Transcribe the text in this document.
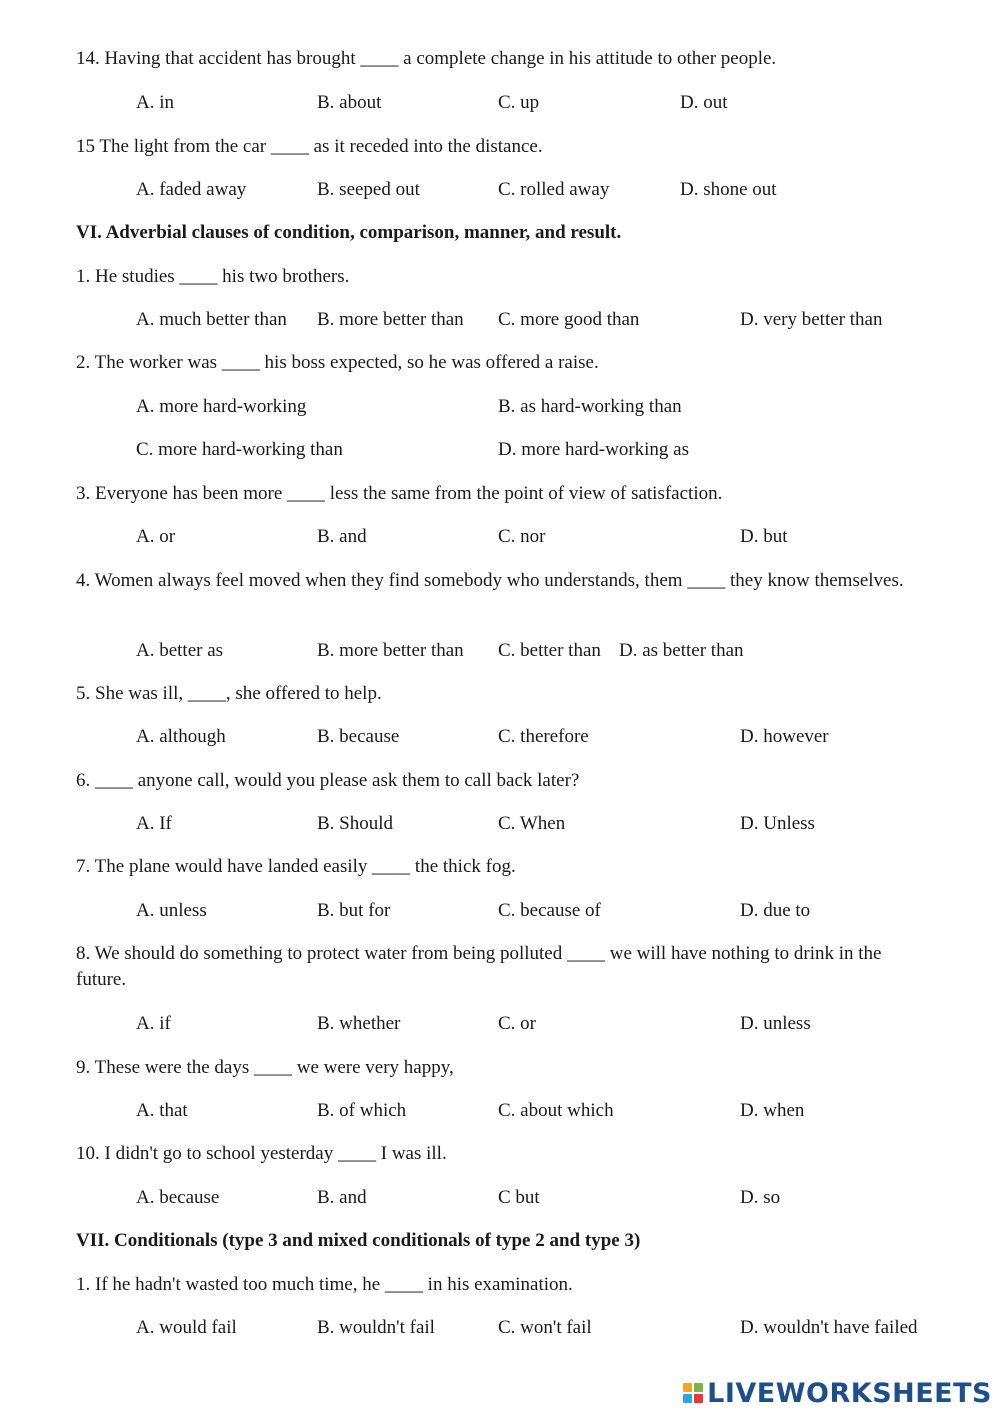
14. Having that accident has brought ____ a complete change in his attitude to other people.
A. in	B. about	C. up	D. out
15 The light from the car ____ as it receded into the distance.
A. faded away	B. seeped out	C. rolled away	D. shone out
VI. Adverbial clauses of condition, comparison, manner, and result.
1. He studies ____ his two brothers.
A. much better than B. more better than C. more good than	D. very better than
2. The worker was ____ his boss expected, so he was offered a raise.
A. more hard-working	B. as hard-working than
C. more hard-working than	D. more hard-working as
3. Everyone has been more ____ less the same from the point of view of satisfaction.
A. or	B. and	C. nor	D. but
4. Women always feel moved when they find somebody who understands, them ____ they know themselves.
A. better as	B. more better than C. better than D. as better than
5. She was ill, ____, she offered to help.
A. although	B. because	C. therefore	D. however
6. ____ anyone call, would you please ask them to call back later?
A. If	B. Should	C. When	D. Unless
7. The plane would have landed easily ____ the thick fog.
A. unless	B. but for	C. because of	D. due to
8. We should do something to protect water from being polluted ____ we will have nothing to drink in the future.
A. if	B. whether	C. or	D. unless
9. These were the days ____ we were very happy,
A. that	B. of which	C. about which	D. when
10. I didn't go to school yesterday ____ I was ill.
A. because	B. and	C but	D. so
VII. Conditionals (type 3 and mixed conditionals of type 2 and type 3)
1. If he hadn't wasted too much time, he ____ in his examination.
A. would fail	B. wouldn't fail	C. won't fail	D. wouldn't have failed
LIVEWORKSHEETS
